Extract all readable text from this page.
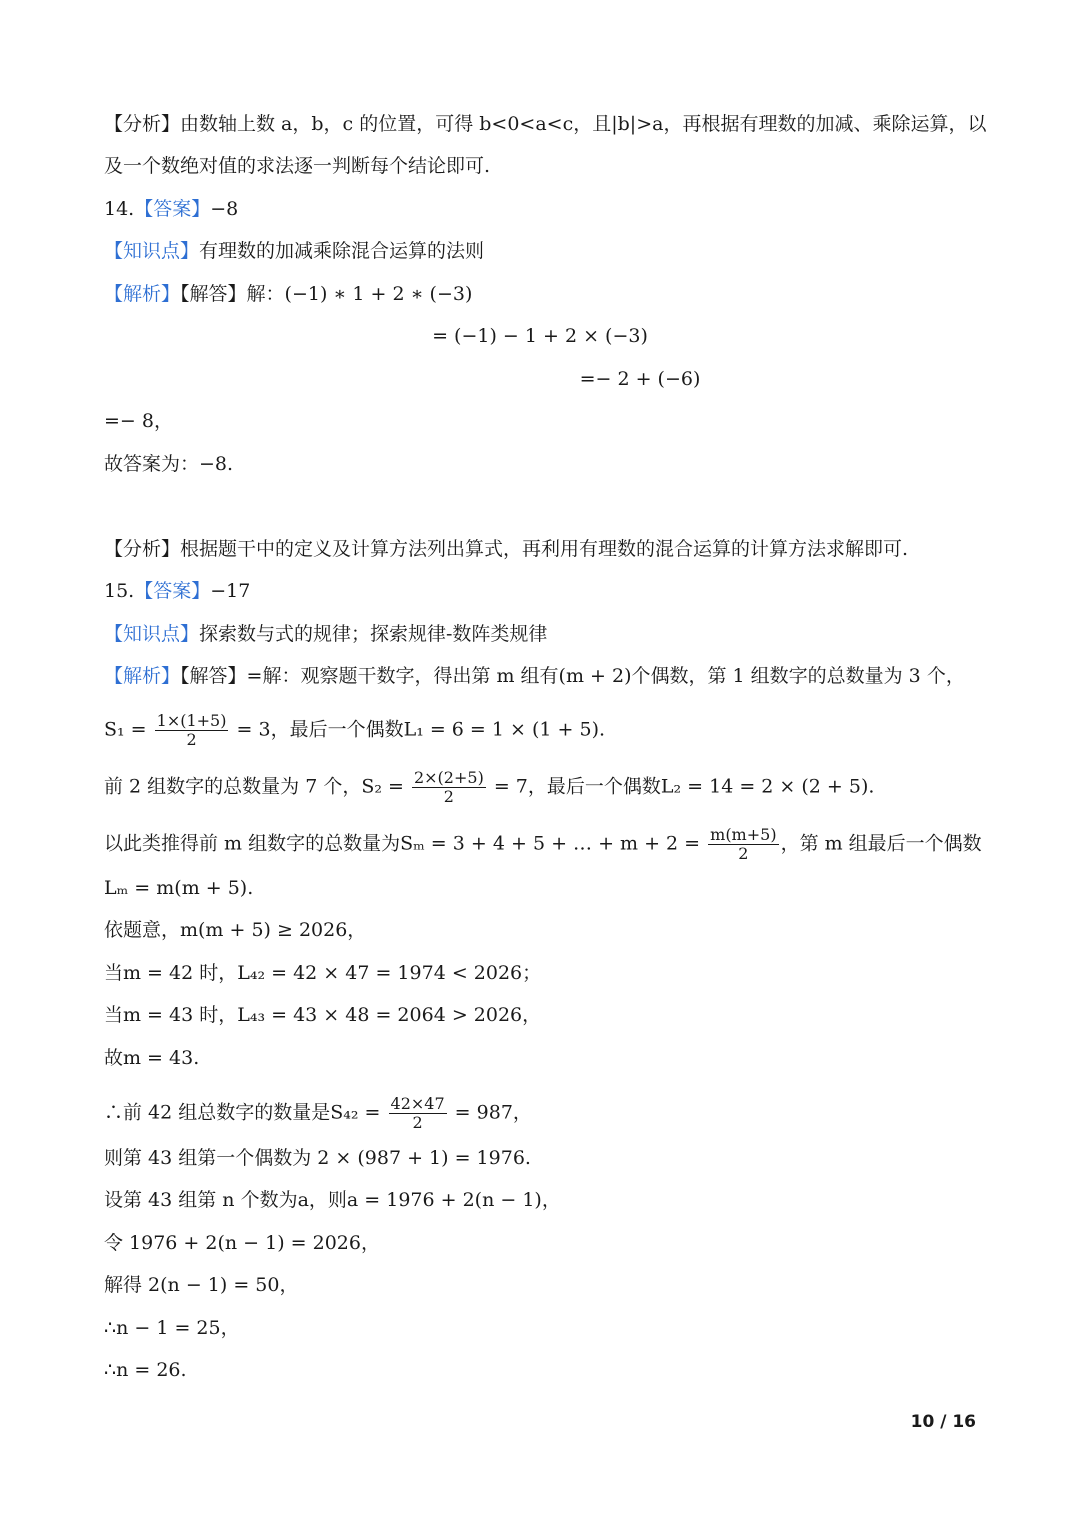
【分析】由数轴上数 a，b，c 的位置，可得 b<0<a<c，且|b|>a，再根据有理数的加减、乘除运算，以
及一个数绝对值的求法逐一判断每个结论即可.
14.【答案】−8
【知识点】有理数的加减乘除混合运算的法则
【解析】【解答】解：(−1) ∗ 1 + 2 ∗ (−3)
= (−1) − 1 + 2 × (−3)
=− 2 + (−6)
=− 8，
故答案为：−8.
【分析】根据题干中的定义及计算方法列出算式，再利用有理数的混合运算的计算方法求解即可.
15.【答案】−17
【知识点】探索数与式的规律；探索规律-数阵类规律
【解析】【解答】=解：观察题干数字，得出第 m 组有(m + 2)个偶数，第 1 组数字的总数量为 3 个，
$S_1 = \frac{1\times(1+5)}{2} = 3$，最后一个偶数L₁ = 6 = 1 × (1 + 5).
前 2 组数字的总数量为 7 个，$S_2 = \frac{2\times(2+5)}{2} = 7$，最后一个偶数L₂ = 14 = 2 × (2 + 5).
以此类推得前 m 组数字的总数量为Sₘ = 3 + 4 + 5 + … + $m + 2 = \frac{m(m+5)}{2}$ ，第 m 组最后一个偶数
Lₘ = m(m + 5).
依题意，m(m + 5) ≥ 2026，
当m = 42 时，L₄₂ = 42 × 47 = 1974 < 2026；
当m = 43 时，L₄₃ = 43 × 48 = 2064 > 2026，
故m = 43.
∴前 42 组总数字的数量是$S_{42} = \frac{42\times 47}{2} = 987$，
则第 43 组第一个偶数为 2 × (987 + 1) = 1976.
设第 43 组第 n 个数为a，则a = 1976 + 2(n − 1)，
令 1976 + 2(n − 1) = 2026，
解得 2(n − 1) = 50，
∴n − 1 = 25，
∴n = 26.
10 / 16
